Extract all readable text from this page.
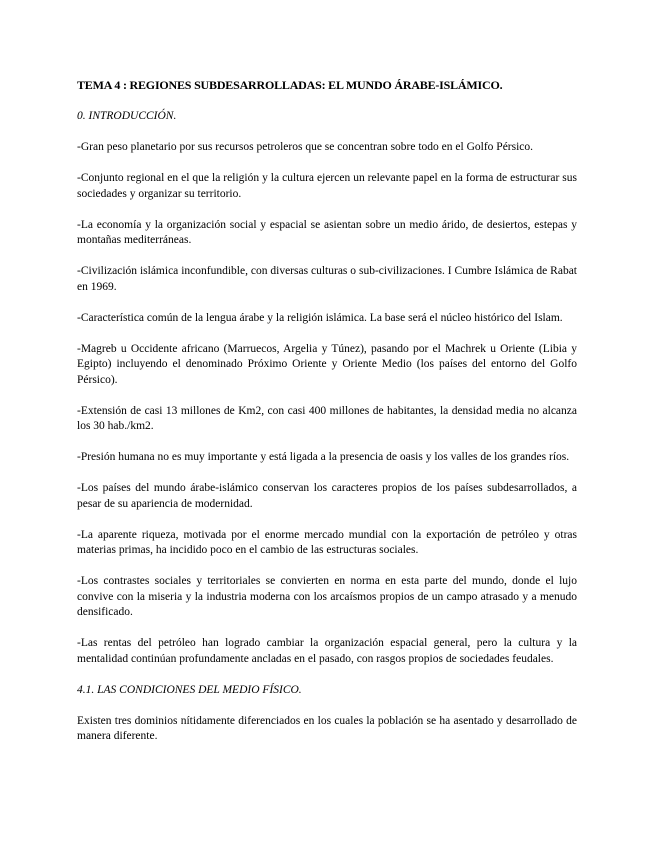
TEMA 4 : REGIONES SUBDESARROLLADAS: EL MUNDO ÁRABE-ISLÁMICO.
0. INTRODUCCIÓN.

-Gran peso planetario por sus recursos petroleros que se concentran sobre todo en el Golfo Pérsico.

-Conjunto regional en el que la religión y la cultura ejercen un relevante papel en la forma de estructurar sus sociedades y organizar su territorio.

-La economía y la organización social y espacial se asientan sobre un medio árido, de desiertos, estepas y montañas mediterráneas.

-Civilización islámica inconfundible, con diversas culturas o sub-civilizaciones. I Cumbre Islámica de Rabat en 1969.

-Característica común de la lengua árabe y la religión islámica. La base será el núcleo histórico del Islam.

-Magreb u Occidente africano (Marruecos, Argelia y Túnez), pasando por el Machrek u Oriente (Libia y Egipto) incluyendo el denominado Próximo Oriente y Oriente Medio (los países del entorno del Golfo Pérsico).

-Extensión de casi 13 millones de Km2, con casi 400 millones de habitantes, la densidad media no alcanza los 30 hab./km2.

-Presión humana no es muy importante y está ligada a la presencia de oasis y los valles de los grandes ríos.

-Los países del mundo árabe-islámico conservan los caracteres propios de los países subdesarrollados, a pesar de su apariencia de modernidad.

-La aparente riqueza, motivada por el enorme mercado mundial con la exportación de petróleo y otras materias primas, ha incidido poco en el cambio de las estructuras sociales.

-Los contrastes sociales y territoriales se convierten en norma en esta parte del mundo, donde el lujo convive con la miseria y la industria moderna con los arcaísmos propios de un campo atrasado y a menudo densificado.

-Las rentas del petróleo han logrado cambiar la organización espacial general, pero la cultura y la mentalidad continúan profundamente ancladas en el pasado, con rasgos propios de sociedades feudales.

4.1. LAS CONDICIONES DEL MEDIO FÍSICO.

Existen tres dominios nítidamente diferenciados en los cuales la población se ha asentado y desarrollado de manera diferente.
